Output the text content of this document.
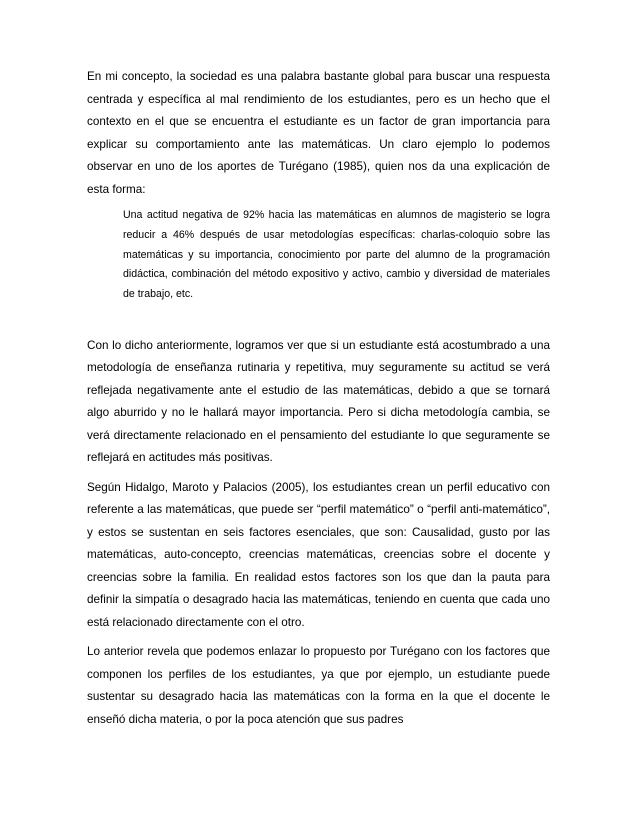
En mi concepto, la sociedad es una palabra bastante global para buscar una respuesta centrada y específica al mal rendimiento de los estudiantes, pero es un hecho que el contexto en el que se encuentra el estudiante es un factor de gran importancia para explicar su comportamiento ante las matemáticas. Un claro ejemplo lo podemos observar en uno de los aportes de Turégano (1985), quien nos da una explicación de esta forma:

Una actitud negativa de 92% hacia las matemáticas en alumnos de magisterio se logra reducir a 46% después de usar metodologías específicas: charlas-coloquio sobre las matemáticas y su importancia, conocimiento por parte del alumno de la programación didáctica, combinación del método expositivo y activo, cambio y diversidad de materiales de trabajo, etc.

Con lo dicho anteriormente, logramos ver que si un estudiante está acostumbrado a una metodología de enseñanza rutinaria y repetitiva, muy seguramente su actitud se verá reflejada negativamente ante el estudio de las matemáticas, debido a que se tornará algo aburrido y no le hallará mayor importancia. Pero si dicha metodología cambia, se verá directamente relacionado en el pensamiento del estudiante lo que seguramente se reflejará en actitudes más positivas.

Según Hidalgo, Maroto y Palacios (2005), los estudiantes crean un perfil educativo con referente a las matemáticas, que puede ser “perfil matemático” o “perfil anti-matemático”, y estos se sustentan en seis factores esenciales, que son: Causalidad, gusto por las matemáticas, auto-concepto, creencias matemáticas, creencias sobre el docente y creencias sobre la familia. En realidad estos factores son los que dan la pauta para definir la simpatía o desagrado hacia las matemáticas, teniendo en cuenta que cada uno está relacionado directamente con el otro.

Lo anterior revela que podemos enlazar lo propuesto por Turégano con los factores que componen los perfiles de los estudiantes, ya que por ejemplo, un estudiante puede sustentar su desagrado hacia las matemáticas con la forma en la que el docente le enseñó dicha materia, o por la poca atención que sus padres
